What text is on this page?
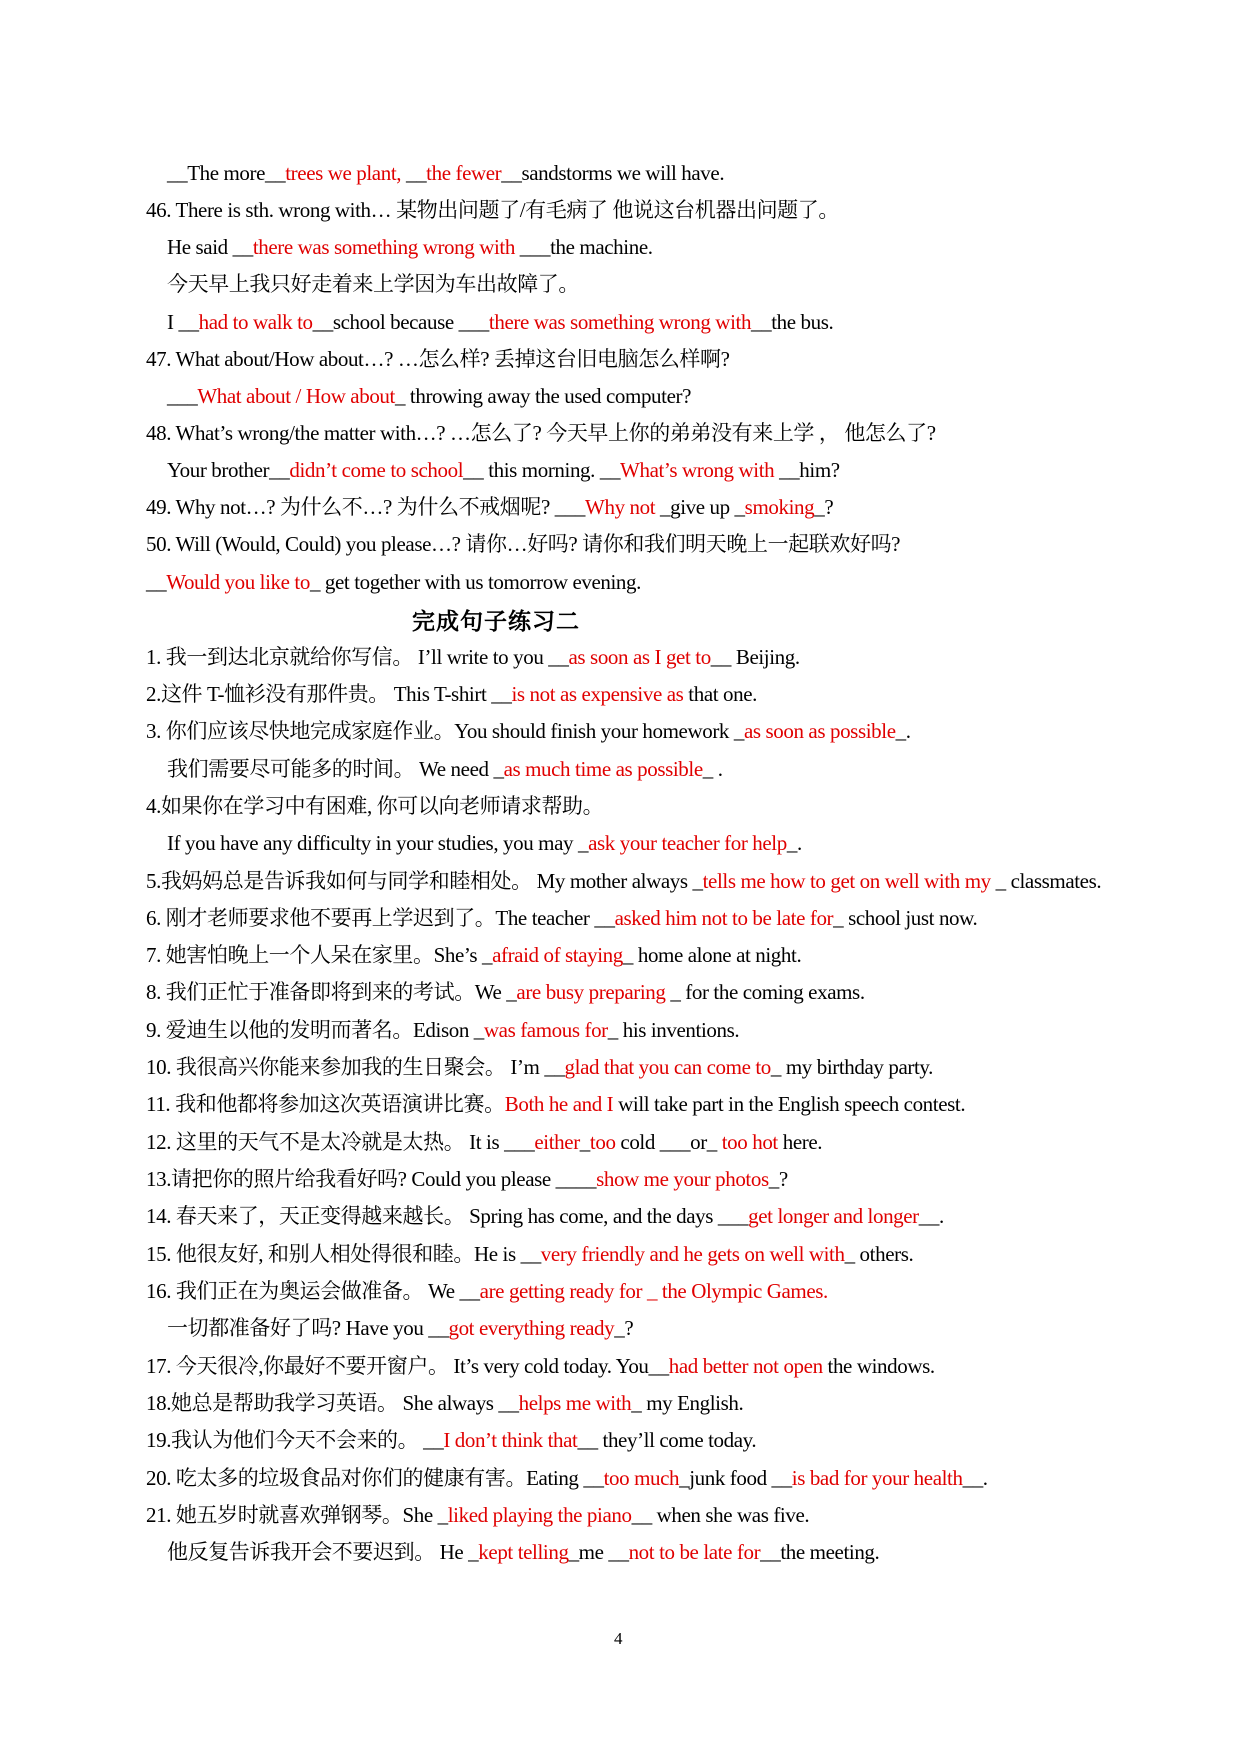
完成句子练习二
4
__The more__trees we plant, __the fewer__sandstorms we will have.
46. There is sth. wrong with… 某物出问题了/有毛病了 他说这台机器出问题了。
He said __there was something wrong with ___the machine.
今天早上我只好走着来上学因为车出故障了。
I __had to walk to__school because ___there was something wrong with__the bus.
47. What about/How about…? …怎么样? 丢掉这台旧电脑怎么样啊?
___What about / How about_ throwing away the used computer?
48. What’s wrong/the matter with…? …怎么了? 今天早上你的弟弟没有来上学 ， 他怎么了?
Your brother__didn’t come to school__ this morning. __What’s wrong with __him?
49. Why not…? 为什么不…? 为什么不戒烟呢? ___Why not _give up _smoking_?
50. Will (Would, Could) you please…? 请你…好吗? 请你和我们明天晚上一起联欢好吗?
__Would you like to_ get together with us tomorrow evening.
1. 我一到达北京就给你写信。 I’ll write to you __as soon as I get to__ Beijing.
2.这件 T-恤衫没有那件贵。 This T-shirt __is not as expensive as that one.
3. 你们应该尽快地完成家庭作业。You should finish your homework _as soon as possible_.
我们需要尽可能多的时间。 We need _as much time as possible_ .
4.如果你在学习中有困难, 你可以向老师请求帮助。
If you have any difficulty in your studies, you may _ask your teacher for help_.
5.我妈妈总是告诉我如何与同学和睦相处。 My mother always _tells me how to get on well with my _ classmates.
6. 刚才老师要求他不要再上学迟到了。The teacher __asked him not to be late for_ school just now.
7. 她害怕晚上一个人呆在家里。She’s _afraid of staying_ home alone at night.
8. 我们正忙于准备即将到来的考试。We _are busy preparing _ for the coming exams.
9. 爱迪生以他的发明而著名。Edison _was famous for_ his inventions.
10. 我很高兴你能来参加我的生日聚会。 I’m __glad that you can come to_ my birthday party.
11. 我和他都将参加这次英语演讲比赛。Both he and I will take part in the English speech contest.
12. 这里的天气不是太冷就是太热。 It is ___either_too cold ___or_ too hot here.
13.请把你的照片给我看好吗? Could you please ____show me your photos_?
14. 春天来了，天正变得越来越长。 Spring has come, and the days ___get longer and longer__.
15. 他很友好, 和别人相处得很和睦。He is __very friendly and he gets on well with_ others.
16. 我们正在为奥运会做准备。 We __are getting ready for _ the Olympic Games.
一切都准备好了吗? Have you __got everything ready_?
17. 今天很冷,你最好不要开窗户。 It’s very cold today. You__had better not open the windows.
18.她总是帮助我学习英语。 She always __helps me with_ my English.
19.我认为他们今天不会来的。 __I don’t think that__ they’ll come today.
20. 吃太多的垃圾食品对你们的健康有害。Eating __too much_junk food __is bad for your health__.
21. 她五岁时就喜欢弹钢琴。She _liked playing the piano__ when she was five.
他反复告诉我开会不要迟到。 He _kept telling_me __not to be late for__the meeting.
